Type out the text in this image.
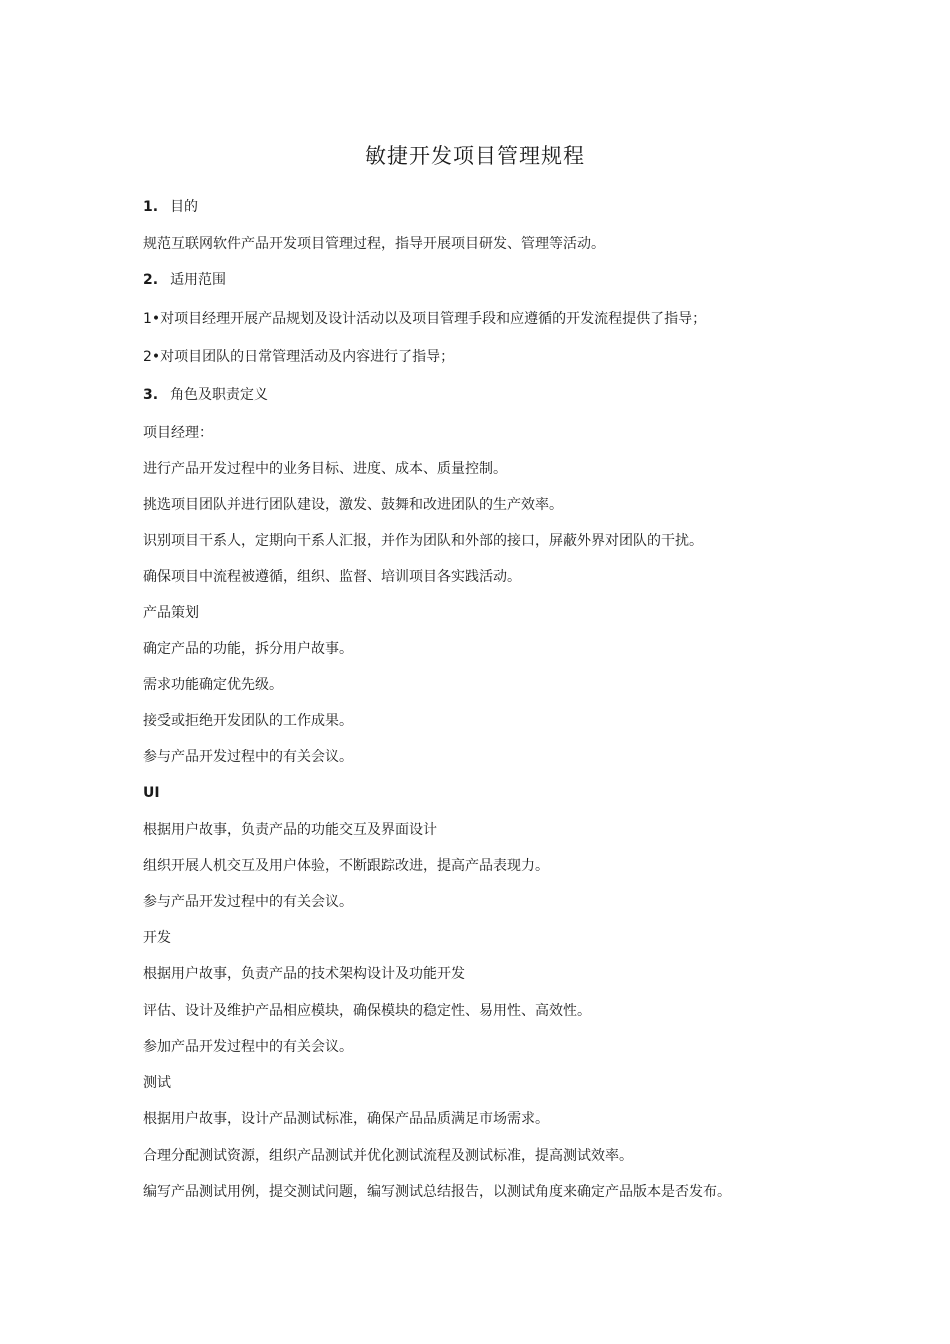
敏捷开发项目管理规程
1. 目的
规范互联网软件产品开发项目管理过程，指导开展项目研发、管理等活动。
2. 适用范围
1•对项目经理开展产品规划及设计活动以及项目管理手段和应遵循的开发流程提供了指导；
2•对项目团队的日常管理活动及内容进行了指导；
3. 角色及职责定义
项目经理：
进行产品开发过程中的业务目标、进度、成本、质量控制。
挑选项目团队并进行团队建设，激发、鼓舞和改进团队的生产效率。
识别项目干系人，定期向干系人汇报，并作为团队和外部的接口，屏蔽外界对团队的干扰。
确保项目中流程被遵循，组织、监督、培训项目各实践活动。
产品策划
确定产品的功能，拆分用户故事。
需求功能确定优先级。
接受或拒绝开发团队的工作成果。
参与产品开发过程中的有关会议。
UI
根据用户故事，负责产品的功能交互及界面设计
组织开展人机交互及用户体验，不断跟踪改进，提高产品表现力。
参与产品开发过程中的有关会议。
开发
根据用户故事，负责产品的技术架构设计及功能开发
评估、设计及维护产品相应模块，确保模块的稳定性、易用性、高效性。
参加产品开发过程中的有关会议。
测试
根据用户故事，设计产品测试标准，确保产品品质满足市场需求。
合理分配测试资源，组织产品测试并优化测试流程及测试标准，提高测试效率。
编写产品测试用例，提交测试问题，编写测试总结报告，以测试角度来确定产品版本是否发布。
